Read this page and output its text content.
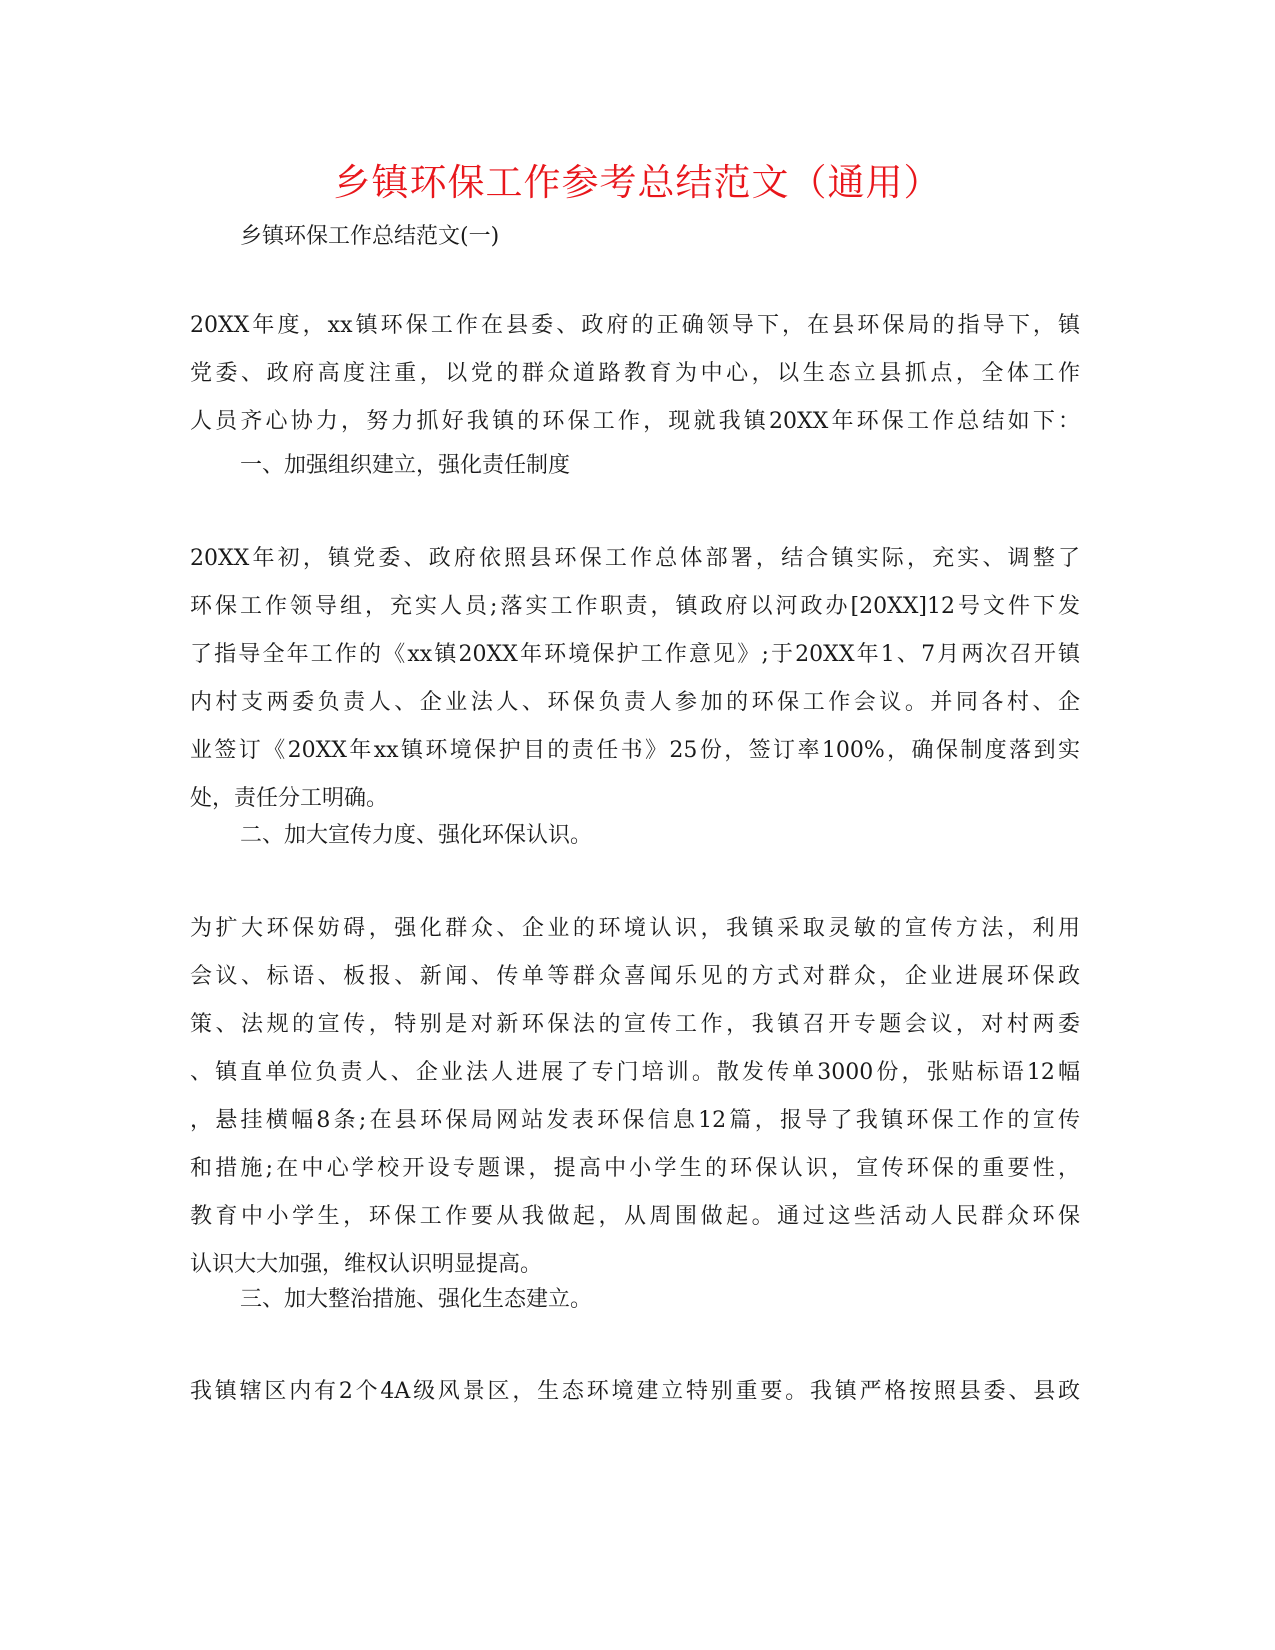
乡镇环保工作参考总结范文（通用）
乡镇环保工作总结范文(一)
20XX年度，xx镇环保工作在县委、政府的正确领导下，在县环保局的指导下，镇
党委、政府高度注重，以党的群众道路教育为中心，以生态立县抓点，全体工作
人员齐心协力，努力抓好我镇的环保工作，现就我镇20XX年环保工作总结如下：
一、加强组织建立，强化责任制度
20XX年初，镇党委、政府依照县环保工作总体部署，结合镇实际，充实、调整了
环保工作领导组，充实人员;落实工作职责，镇政府以河政办[20XX]12号文件下发
了指导全年工作的《xx镇20XX年环境保护工作意见》;于20XX年1、7月两次召开镇
内村支两委负责人、企业法人、环保负责人参加的环保工作会议。并同各村、企
业签订《20XX年xx镇环境保护目的责任书》25份，签订率100%，确保制度落到实
处，责任分工明确。
二、加大宣传力度、强化环保认识。
为扩大环保妨碍，强化群众、企业的环境认识，我镇采取灵敏的宣传方法，利用
会议、标语、板报、新闻、传单等群众喜闻乐见的方式对群众，企业进展环保政
策、法规的宣传，特别是对新环保法的宣传工作，我镇召开专题会议，对村两委
、镇直单位负责人、企业法人进展了专门培训。散发传单3000份，张贴标语12幅
，悬挂横幅8条;在县环保局网站发表环保信息12篇，报导了我镇环保工作的宣传
和措施;在中心学校开设专题课，提高中小学生的环保认识，宣传环保的重要性，
教育中小学生，环保工作要从我做起，从周围做起。通过这些活动人民群众环保
认识大大加强，维权认识明显提高。
三、加大整治措施、强化生态建立。
我镇辖区内有2个4A级风景区，生态环境建立特别重要。我镇严格按照县委、县政
